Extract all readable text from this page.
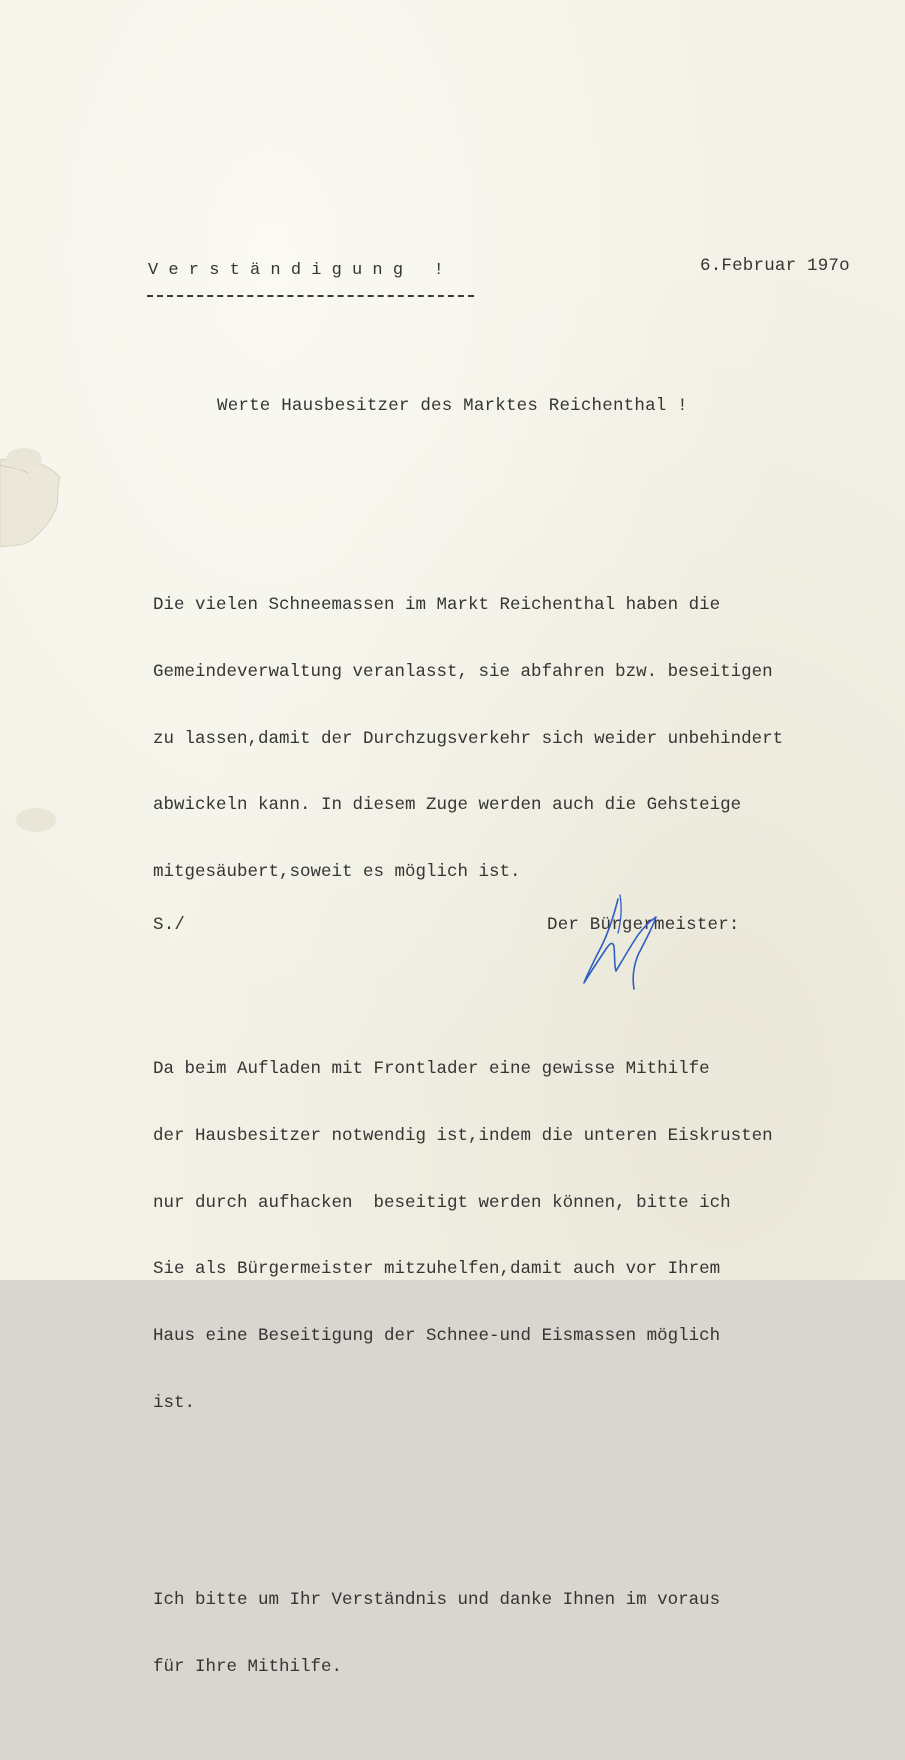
V e r s t ä n d i g u n g   !	6.Februar 197o
Werte Hausbesitzer des Marktes Reichenthal !

Die vielen Schneemassen im Markt Reichenthal haben die

Gemeindeverwaltung veranlasst, sie abfahren bzw. beseitigen

zu lassen,damit der Durchzugsverkehr sich weider unbehindert

abwickeln kann. In diesem Zuge werden auch die Gehsteige

mitgesäubert,soweit es möglich ist.

Da beim Aufladen mit Frontlader eine gewisse Mithilfe

der Hausbesitzer notwendig ist,indem die unteren Eiskrusten

nur durch aufhacken  beseitigt werden können, bitte ich

Sie als Bürgermeister mitzuhelfen,damit auch vor Ihrem

Haus eine Beseitigung der Schnee-und Eismassen möglich

ist.

Ich bitte um Ihr Verständnis und danke Ihnen im voraus

für Ihre Mithilfe.

S./	Der Bürgermeister:
